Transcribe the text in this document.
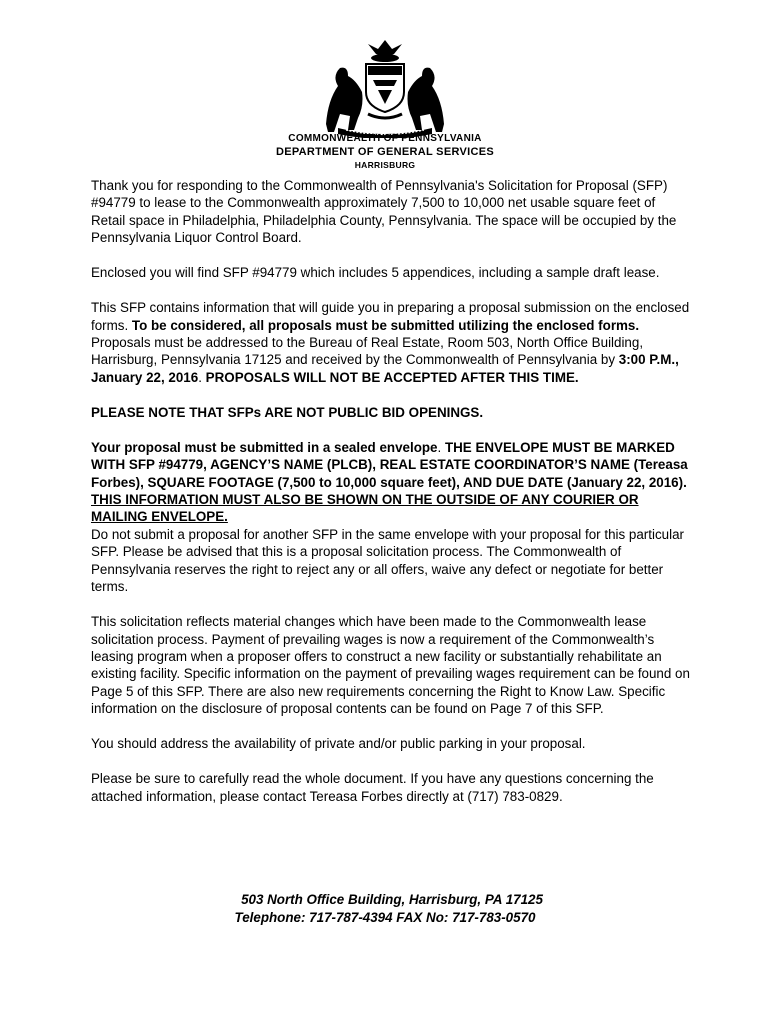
COMMONWEALTH OF PENNSYLVANIA
DEPARTMENT OF GENERAL SERVICES
HARRISBURG

Thank you for responding to the Commonwealth of Pennsylvania's Solicitation for Proposal (SFP) #94779 to lease to the Commonwealth approximately 7,500 to 10,000 net usable square feet of Retail space in Philadelphia, Philadelphia County, Pennsylvania. The space will be occupied by the Pennsylvania Liquor Control Board.

Enclosed you will find SFP #94779 which includes 5 appendices, including a sample draft lease.

This SFP contains information that will guide you in preparing a proposal submission on the enclosed forms. To be considered, all proposals must be submitted utilizing the enclosed forms. Proposals must be addressed to the Bureau of Real Estate, Room 503, North Office Building, Harrisburg, Pennsylvania 17125 and received by the Commonwealth of Pennsylvania by 3:00 P.M., January 22, 2016. PROPOSALS WILL NOT BE ACCEPTED AFTER THIS TIME.

PLEASE NOTE THAT SFPs ARE NOT PUBLIC BID OPENINGS.

Your proposal must be submitted in a sealed envelope. THE ENVELOPE MUST BE MARKED WITH SFP #94779, AGENCY’S NAME (PLCB), REAL ESTATE COORDINATOR’S NAME (Tereasa Forbes), SQUARE FOOTAGE (7,500 to 10,000 square feet), AND DUE DATE (January 22, 2016). THIS INFORMATION MUST ALSO BE SHOWN ON THE OUTSIDE OF ANY COURIER OR MAILING ENVELOPE.

Do not submit a proposal for another SFP in the same envelope with your proposal for this particular SFP. Please be advised that this is a proposal solicitation process. The Commonwealth of Pennsylvania reserves the right to reject any or all offers, waive any defect or negotiate for better terms.

This solicitation reflects material changes which have been made to the Commonwealth lease solicitation process. Payment of prevailing wages is now a requirement of the Commonwealth’s leasing program when a proposer offers to construct a new facility or substantially rehabilitate an existing facility. Specific information on the payment of prevailing wages requirement can be found on Page 5 of this SFP. There are also new requirements concerning the Right to Know Law. Specific information on the disclosure of proposal contents can be found on Page 7 of this SFP.

You should address the availability of private and/or public parking in your proposal.

Please be sure to carefully read the whole document. If you have any questions concerning the attached information, please contact Tereasa Forbes directly at (717) 783-0829.

503 North Office Building, Harrisburg, PA 17125
Telephone: 717-787-4394 FAX No: 717-783-0570
